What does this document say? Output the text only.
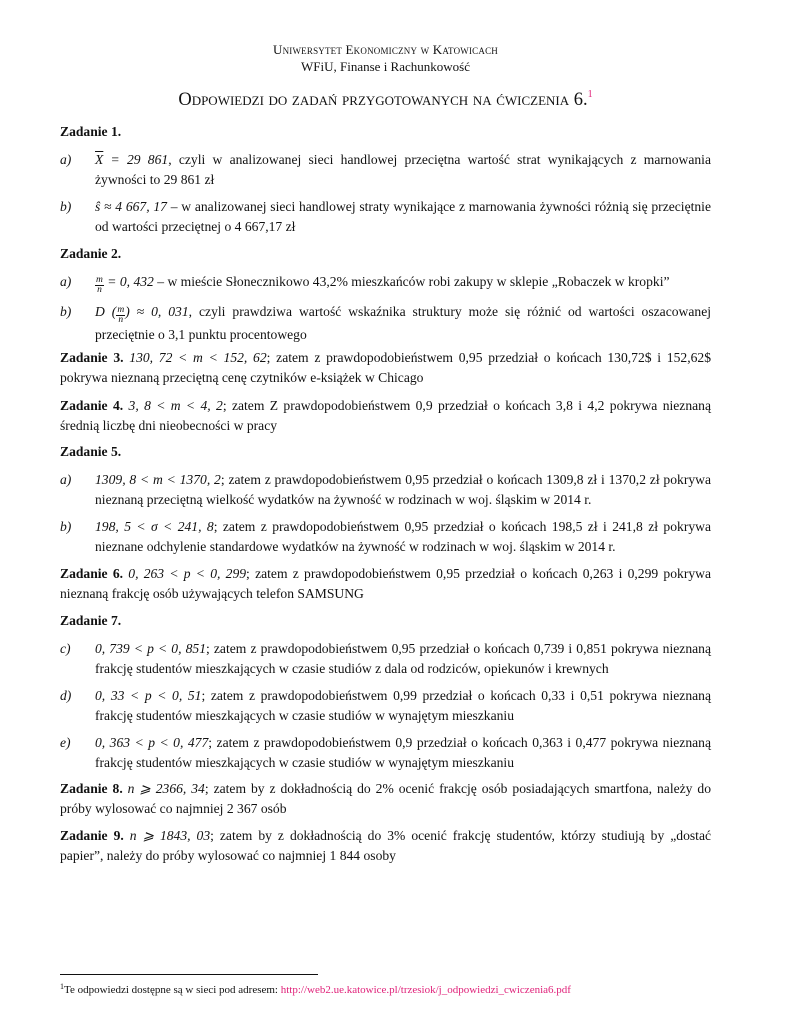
Uniwersytet Ekonomiczny w Katowicach
WFiU, Finanse i Rachunkowość
Odpowiedzi do zadań przygotowanych na ćwiczenia 6.$^1$
Zadanie 1.
a) $\overline{X} = 29$ 861, czyli w analizowanej sieci handlowej przeciętna wartość strat wynikających z marnowania żywności to 29 861 zł
b) ŝ ≈ 4 667, 17 – w analizowanej sieci handlowej straty wynikające z marnowania żywności różnią się przeciętnie od wartości przeciętnej o 4 667,17 zł
Zadanie 2.
$a) \frac{m}{n} = 0$, 432 – w mieście Słonecznikowo 43,2% mieszkańców robi zakupy w sklepie „Robaczek w kropki”
b) D ( $\frac{m}{n}$ ) ≈ 0, 031, czyli prawdziwa wartość wskaźnika struktury może się różnić od wartości oszacowanej przeciętnie o 3,1 punktu procentowego
Zadanie 3. 130, 72 < m < 152, 62; zatem z prawdopodobieństwem 0,95 przedział o końcach 130,72$ i 152,62$ pokrywa nieznaną przeciętną cenę czytników e-książek w Chicago
Zadanie 4. 3, 8 < m < 4, 2; zatem Z prawdopodobieństwem 0,9 przedział o końcach 3,8 i 4,2 pokrywa nieznaną średnią liczbę dni nieobecności w pracy
Zadanie 5.
a) 1309, 8 < m < 1370, 2; zatem z prawdopodobieństwem 0,95 przedział o końcach 1309,8 zł i 1370,2 zł pokrywa nieznaną przeciętną wielkość wydatków na żywność w rodzinach w woj. śląskim w 2014 r.
b) 198, 5 < σ < 241, 8; zatem z prawdopodobieństwem 0,95 przedział o końcach 198,5 zł i 241,8 zł pokrywa nieznane odchylenie standardowe wydatków na żywność w rodzinach w woj. śląskim w 2014 r.
Zadanie 6. 0, 263 < p < 0, 299; zatem z prawdopodobieństwem 0,95 przedział o końcach 0,263 i 0,299 pokrywa nieznaną frakcję osób używających telefon SAMSUNG
Zadanie 7.
c) 0, 739 < p < 0, 851; zatem z prawdopodobieństwem 0,95 przedział o końcach 0,739 i 0,851 pokrywa nieznaną frakcję studentów mieszkających w czasie studiów z dala od rodziców, opiekunów i krewnych
d) 0, 33 < p < 0, 51; zatem z prawdopodobieństwem 0,99 przedział o końcach 0,33 i 0,51 pokrywa nieznaną frakcję studentów mieszkających w czasie studiów w wynajętym mieszkaniu
e) 0, 363 < p < 0, 477; zatem z prawdopodobieństwem 0,9 przedział o końcach 0,363 i 0,477 pokrywa nieznaną frakcję studentów mieszkających w czasie studiów w wynajętym mieszkaniu
Zadanie 8. n ⩾ 2366, 34; zatem by z dokładnością do 2% ocenić frakcję osób posiadających smartfona, należy do próby wylosować co najmniej 2 367 osób
Zadanie 9. n ⩾ 1843, 03; zatem by z dokładnością do 3% ocenić frakcję studentów, którzy studiują by „dostać papier”, należy do próby wylosować co najmniej 1 844 osoby
$^1$Te odpowiedzi dostępne są w sieci pod adresem: http://web2.ue.katowice.pl/trzesiok/j_odpowiedzi_cwiczenia6.pdf
